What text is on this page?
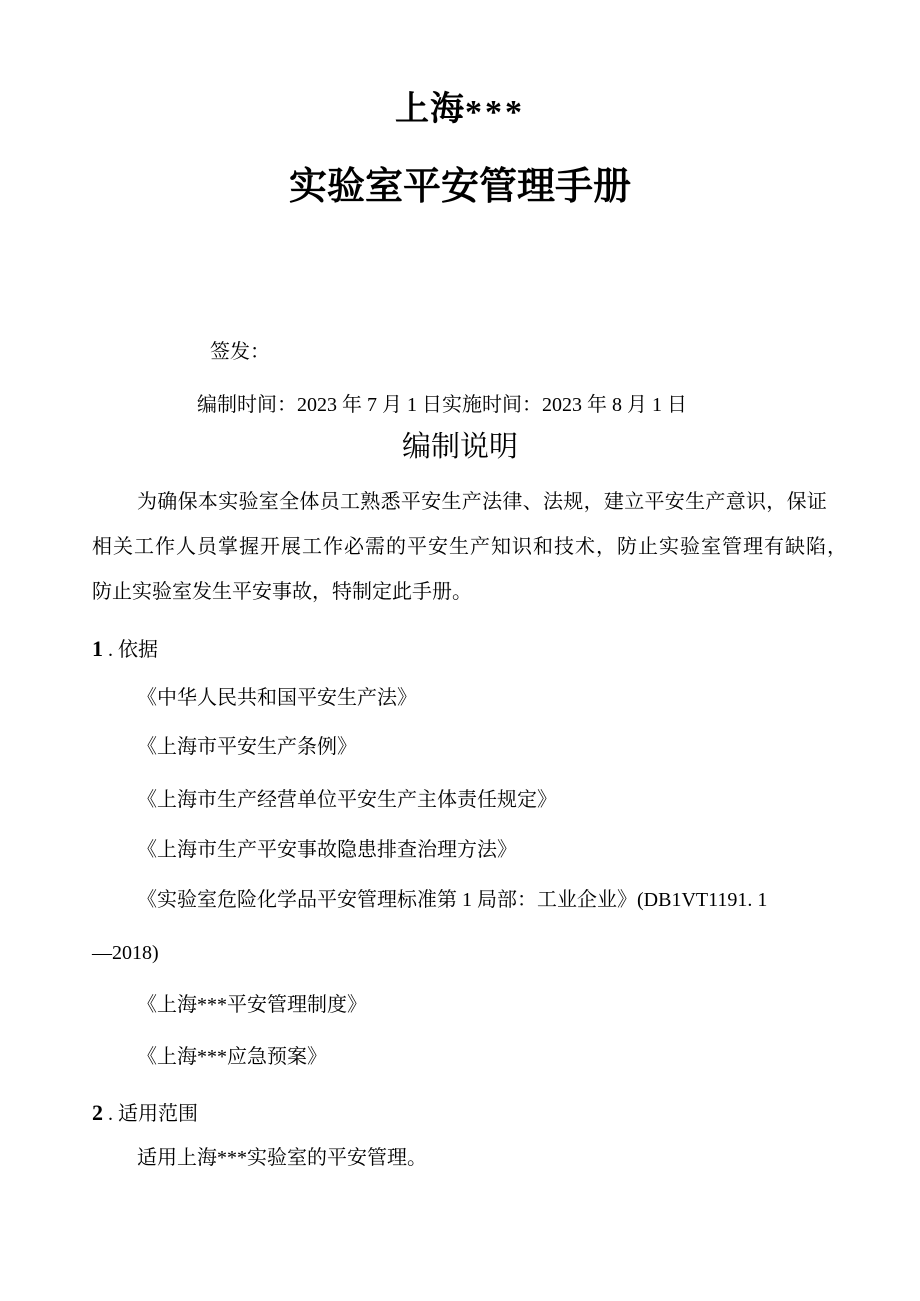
上海***
实验室平安管理手册
签发：
编制时间：2023 年 7 月 1 日实施时间：2023 年 8 月 1 日
编制说明
为确保本实验室全体员工熟悉平安生产法律、法规，建立平安生产意识，保证
相关工作人员掌握开展工作必需的平安生产知识和技术，防止实验室管理有缺陷，
防止实验室发生平安事故，特制定此手册。
1 . 依据
《中华人民共和国平安生产法》
《上海市平安生产条例》
《上海市生产经营单位平安生产主体责任规定》
《上海市生产平安事故隐患排查治理方法》
《实验室危险化学品平安管理标准第 1 局部：工业企业》(DB1VT1191. 1
—2018)
《上海***平安管理制度》
《上海***应急预案》
2 . 适用范围
适用上海***实验室的平安管理。
